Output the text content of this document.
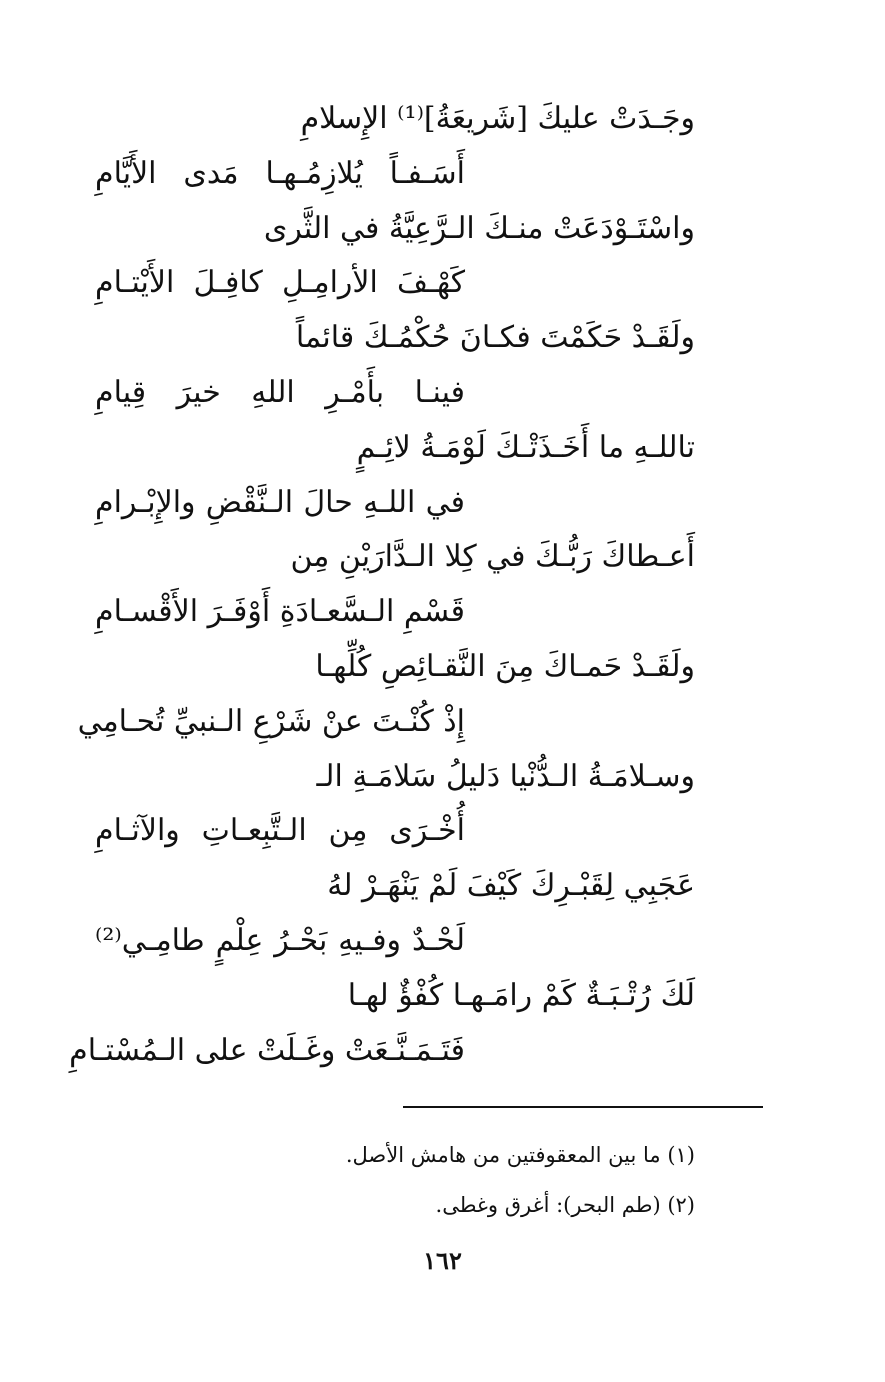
وجَـدَتْ عليكَ [شَريعَةُ]⁽¹⁾ الإِسلامِ
أَسَـفـاً يُلازِمُـهـا مَدى الأَيَّامِ
واسْتَـوْدَعَتْ منـكَ الـرَّعِيَّةُ في الثَّرى
كَهْـفَ الأرامِـلِ كافِـلَ الأَيْتـامِ
ولَقَـدْ حَكَمْتَ فكـانَ حُكْمُـكَ قائماً
فينـا بأَمْـرِ اللهِ خيرَ قِيامِ
تاللـهِ ما أَخَـذَتْـكَ لَوْمَـةُ لائِـمٍ
في اللـهِ حالَ الـنَّقْضِ والإِبْـرامِ
أَعـطاكَ رَبُّـكَ في كِلا الـدَّارَيْنِ مِن
قَسْمِ الـسَّعـادَةِ أَوْفَـرَ الأَقْسـامِ
ولَقَـدْ حَمـاكَ مِنَ النَّقـائِصِ كُلِّهـا
إِذْ كُنْـتَ عنْ شَرْعِ الـنبيِّ تُحـامِي
وسـلامَـةُ الـدُّنْيا دَليلُ سَلامَـةِ الـ
أُخْـرَى مِن الـتَّبِعـاتِ والآثـامِ
عَجَبِي لِقَبْـرِكَ كَيْفَ لَمْ يَنْهَـرْ لهُ
لَحْـدٌ وفـيهِ بَحْـرُ عِلْمٍ طامِـي⁽²⁾
لَكَ رُتْـبَـةٌ كَمْ رامَـهـا كُفْؤٌ لهـا
فَتَـمَـنَّـعَتْ وغَـلَتْ على الـمُسْتـامِ
(١) ما بين المعقوفتين من هامش الأصل.
(٢) (طم البحر): أغرق وغطى.
١٦٢
